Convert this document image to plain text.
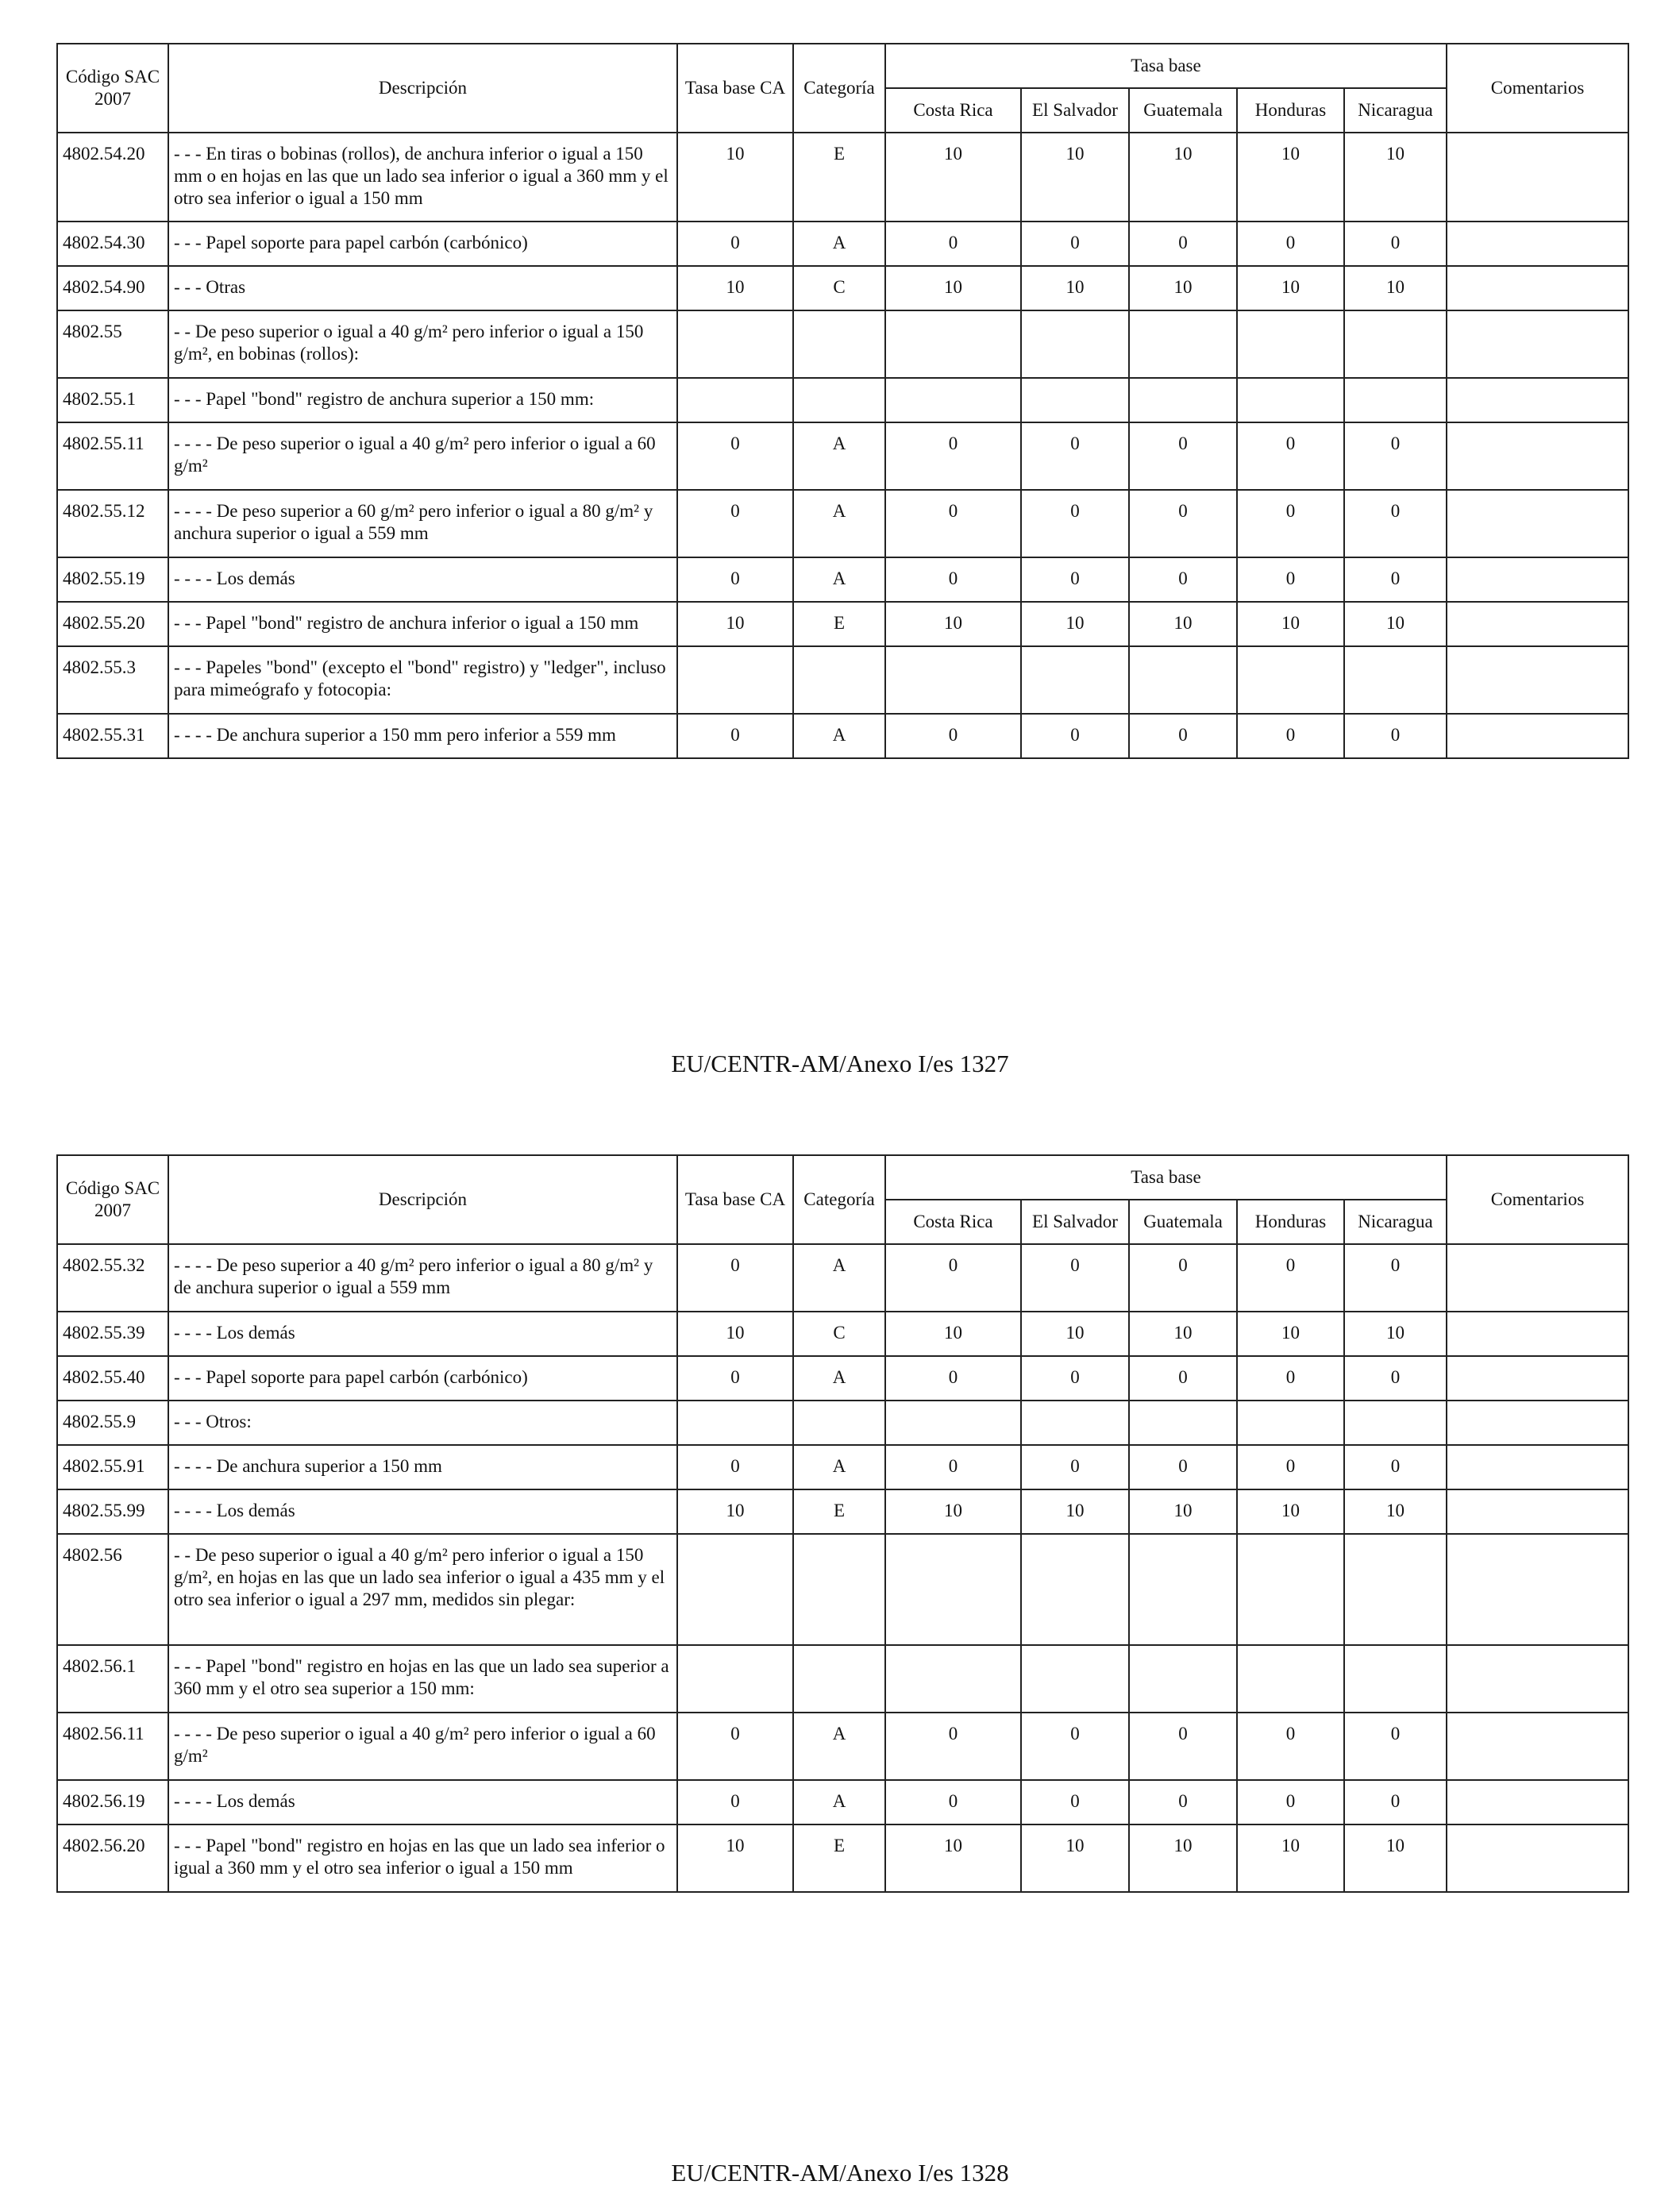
Código SAC 2007	Descripción	Tasa base CA	Categoría	Tasa base					Comentarios
				Costa Rica	El Salvador	Guatemala	Honduras	Nicaragua	
4802.54.20	- - - En tiras o bobinas (rollos), de anchura inferior o igual a 150 mm o en hojas en las que un lado sea inferior o igual a 360 mm y el otro sea inferior o igual a 150 mm	10	E	10	10	10	10	10	
4802.54.30	- - - Papel soporte para papel carbón (carbónico)	0	A	0	0	0	0	0	
4802.54.90	- - - Otras	10	C	10	10	10	10	10	
4802.55	- - De peso superior o igual a 40 g/m² pero inferior o igual a 150 g/m², en bobinas (rollos):								
4802.55.1	- - - Papel "bond" registro de anchura superior a 150 mm:								
4802.55.11	- - - - De peso superior o igual a 40 g/m² pero inferior o igual a 60 g/m²	0	A	0	0	0	0	0	
4802.55.12	- - - - De peso superior a 60 g/m² pero inferior o igual a 80 g/m² y anchura superior o igual a 559 mm	0	A	0	0	0	0	0	
4802.55.19	- - - - Los demás	0	A	0	0	0	0	0	
4802.55.20	- - - Papel "bond" registro de anchura inferior o igual a 150 mm	10	E	10	10	10	10	10	
4802.55.3	- - - Papeles "bond" (excepto el "bond" registro) y "ledger", incluso para mimeógrafo y fotocopia:								
4802.55.31	- - - - De anchura superior a 150 mm pero inferior a 559 mm	0	A	0	0	0	0	0	
EU/CENTR-AM/Anexo I/es 1327
Código SAC 2007	Descripción	Tasa base CA	Categoría	Tasa base					Comentarios
				Costa Rica	El Salvador	Guatemala	Honduras	Nicaragua	
4802.55.32	- - - - De peso superior a 40 g/m² pero inferior o igual a 80 g/m² y de anchura superior o igual a 559 mm	0	A	0	0	0	0	0	
4802.55.39	- - - - Los demás	10	C	10	10	10	10	10	
4802.55.40	- - - Papel soporte para papel carbón (carbónico)	0	A	0	0	0	0	0	
4802.55.9	- - - Otros:								
4802.55.91	- - - - De anchura superior a 150 mm	0	A	0	0	0	0	0	
4802.55.99	- - - - Los demás	10	E	10	10	10	10	10	
4802.56	- - De peso superior o igual a 40 g/m² pero inferior o igual a 150 g/m², en hojas en las que un lado sea inferior o igual a 435 mm y el otro sea inferior o igual a 297 mm, medidos sin plegar:								
4802.56.1	- - - Papel "bond" registro en hojas en las que un lado sea superior a 360 mm y el otro sea superior a 150 mm:								
4802.56.11	- - - - De peso superior o igual a 40 g/m² pero inferior o igual a 60 g/m²	0	A	0	0	0	0	0	
4802.56.19	- - - - Los demás	0	A	0	0	0	0	0	
4802.56.20	- - - Papel "bond" registro en hojas en las que un lado sea inferior o igual a 360 mm y el otro sea inferior o igual a 150 mm	10	E	10	10	10	10	10	
EU/CENTR-AM/Anexo I/es 1328
